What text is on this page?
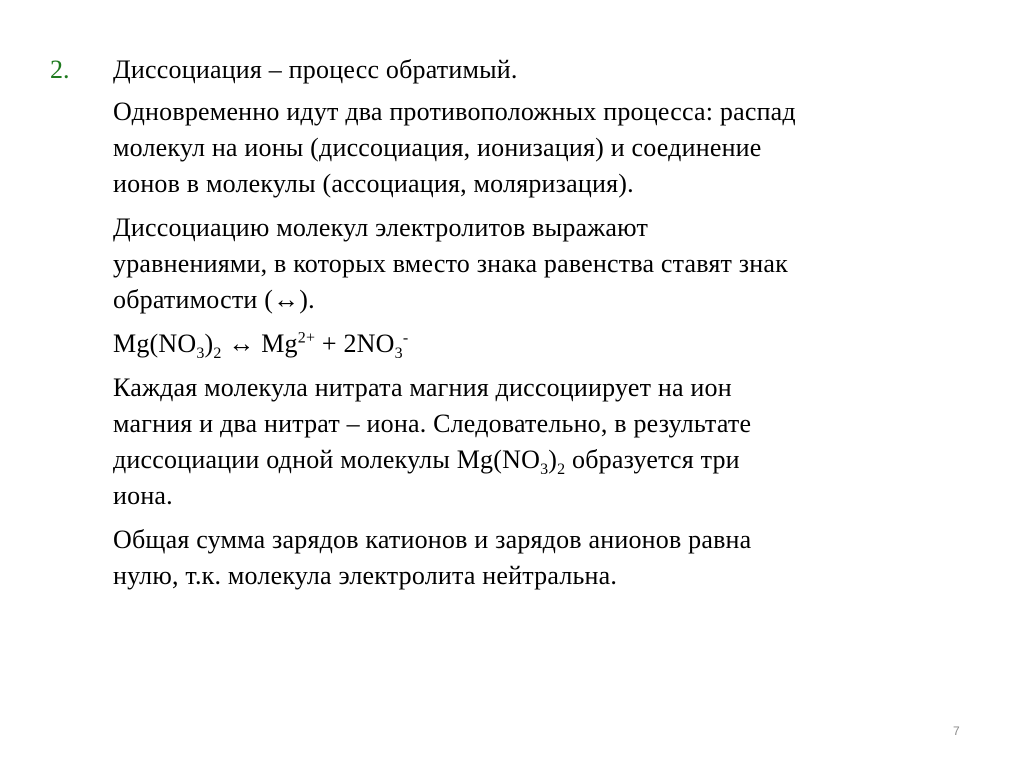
2. Диссоциация – процесс обратимый.
Одновременно идут два противоположных процесса: распад
молекул на ионы (диссоциация, ионизация) и соединение
ионов в молекулы (ассоциация, моляризация).
Диссоциацию молекул электролитов выражают
уравнениями, в которых вместо знака равенства ставят знак
обратимости (↔).
$Mg(NO_3)_2$ ↔ $Mg^{2+} + 2NO_3^-$
Каждая молекула нитрата магния диссоциирует на ион
магния и два нитрат – иона. Следовательно, в результате
диссоциации одной молекулы $Mg(NO_3)_2$ образуется три
иона.
Общая сумма зарядов катионов и зарядов анионов равна
нулю, т.к. молекула электролита нейтральна.
7
